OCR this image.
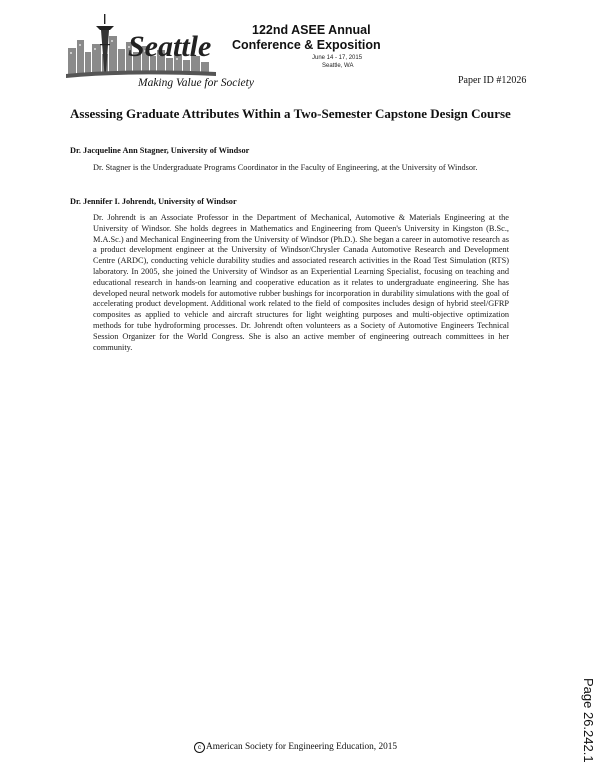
Seattle
Making Value for Society
122nd ASEE Annual
Conference & Exposition
June 14 - 17, 2015
Seattle, WA
Paper ID #12026
Assessing Graduate Attributes Within a Two-Semester Capstone Design Course
Dr. Jacqueline Ann Stagner, University of Windsor

Dr. Stagner is the Undergraduate Programs Coordinator in the Faculty of Engineering, at the University of Windsor.

Dr. Jennifer I. Johrendt, University of Windsor

Dr. Johrendt is an Associate Professor in the Department of Mechanical, Automotive & Materials Engineering at the University of Windsor. She holds degrees in Mathematics and Engineering from Queen's University in Kingston (B.Sc., M.A.Sc.) and Mechanical Engineering from the University of Windsor (Ph.D.). She began a career in automotive research as a product development engineer at the University of Windsor/Chrysler Canada Automotive Research and Development Centre (ARDC), conducting vehicle durability studies and associated research activities in the Road Test Simulation (RTS) laboratory. In 2005, she joined the University of Windsor as an Experiential Learning Specialist, focusing on teaching and educational research in hands-on learning and cooperative education as it relates to undergraduate engineering. She has developed neural network models for automotive rubber bushings for incorporation in durability simulations with the goal of accelerating product development. Additional work related to the field of composites includes design of hybrid steel/GFRP composites as applied to vehicle and aircraft structures for light weighting purposes and multi-objective optimization methods for tube hydroforming processes. Dr. Johrendt often volunteers as a Society of Automotive Engineers Technical Session Organizer for the World Congress. She is also an active member of engineering outreach committees in her community.

Page 26.242.1
c American Society for Engineering Education, 2015
